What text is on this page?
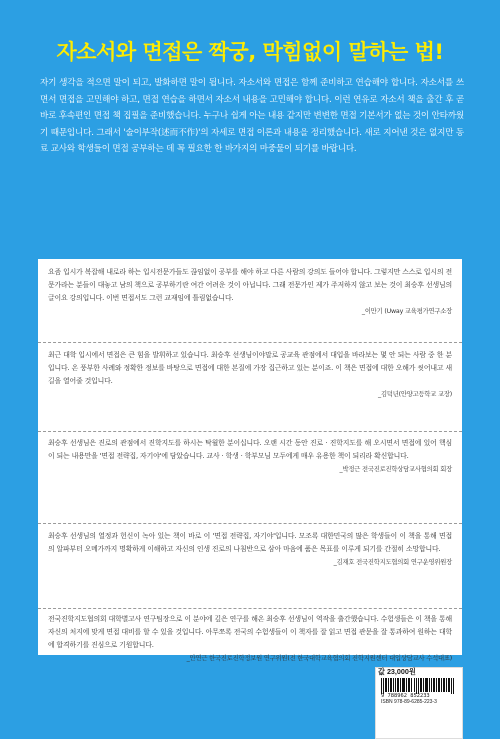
자소서와 면접은 짝궁, 막힘없이 말하는 법!

자기 생각을 적으면 말이 되고, 발화하면 말이 됩니다. 자소서와 면접은 함께 준비하고 연습해야 합니다. 자소서를 쓰면서 면접을 고민해야 하고, 면접 연습을 하면서 자소서 내용을 고민해야 합니다. 이런 연유로 자소서 책을 출간 후 곧바로 후속편인 면접 책 집필을 준비했습니다. 누구나 쉽게 아는 내용 같지만 변변한 면접 기본서가 없는 것이 안타까웠기 때문입니다. 그래서 '술이부작(述而不作)'의 자세로 면접 이론과 내용을 정리했습니다. 새로 지어낸 것은 없지만 동료 교사와 학생들이 면접 공부하는 데 꼭 필요한 한 바가지의 마중물이 되기를 바랍니다.

요즘 입시가 복잡해 내로라 하는 입시전문가들도 끊임없이 공부를 해야 하고 다른 사람의 강의도 들어야 합니다. 그렇지만 스스로 입시의 전문가라는 분들이 대놓고 남의 책으로 공부하기란 여간 어려운 것이 아닙니다. 그래 전문가인 제가 주저하지 않고 보는 것이 최승후 선생님의 글이요 강의입니다. 이번 면접서도 그런 교재임에 틀림없습니다.

_이만기 (Uway 교육평가연구소장

최근 대학 입시에서 면접은 큰 힘을 발휘하고 있습니다. 최승후 선생님이야말로 공교육 관점에서 대입을 바라보는 몇 안 되는 사람 중 한 분입니다. 온 풍부한 사례와 정확한 정보를 바탕으로 면접에 대한 본질에 가장 집근하고 있는 분이죠. 이 책은 면접에 대한 오해가 씻어내고 새 길을 열어줄 것입니다.

_김덕년(안양고등학교 교장)

최승후 선생님은 진로의 관점에서 진학지도를 하시는 탁월한 분이십니다. 오랜 시간 동안 진로 · 진학지도를 해 오시면서 면접에 있어 핵심이 되는 내용만을 '면접 전략집, 자기야'에 담았습니다. 교사 · 학생 · 학부모님 모두에게 매우 유용한 책이 되리라 확신합니다.

_박정근 전국진로진학상담교사협의회 회장

최승후 선생님의 열정과 헌신이 녹아 있는 책이 바로 이 '면접 전략집, 자기야'입니다. 모조록 대한민국의 많은 학생들이 이 책을 통해 면접의 알파부터 오메가까지 명확하게 이해하고 자신의 인생 진로의 나침반으로 삼아 마음에 품은 목표를 이루게 되기를 간절히 소망합니다.

_김재호 전국진학지도협의회 연구운영위원장

전국진학지도협의회 대학별고사 연구팀장으로 이 분야에 깊은 연구를 해온 최승후 선생님이 역작을 출간했습니다. 수험생들은 이 책을 통해 자신의 처지에 맞게 면접 대비를 할 수 있을 것입니다. 아무쪼록 전국의 수험생들이 이 책자를 잘 읽고 면접 관문을 잘 통과하여 원하는 대학에 합격하기를 진심으로 기원합니다.

_안연근 한국진로진학정보원 연구위원(전 한국대학교육협의회 진학지원센터 대입상담교사 수석대표)
값 23,000원
9 788962 852233
ISBN 978-89-6285-223-3
